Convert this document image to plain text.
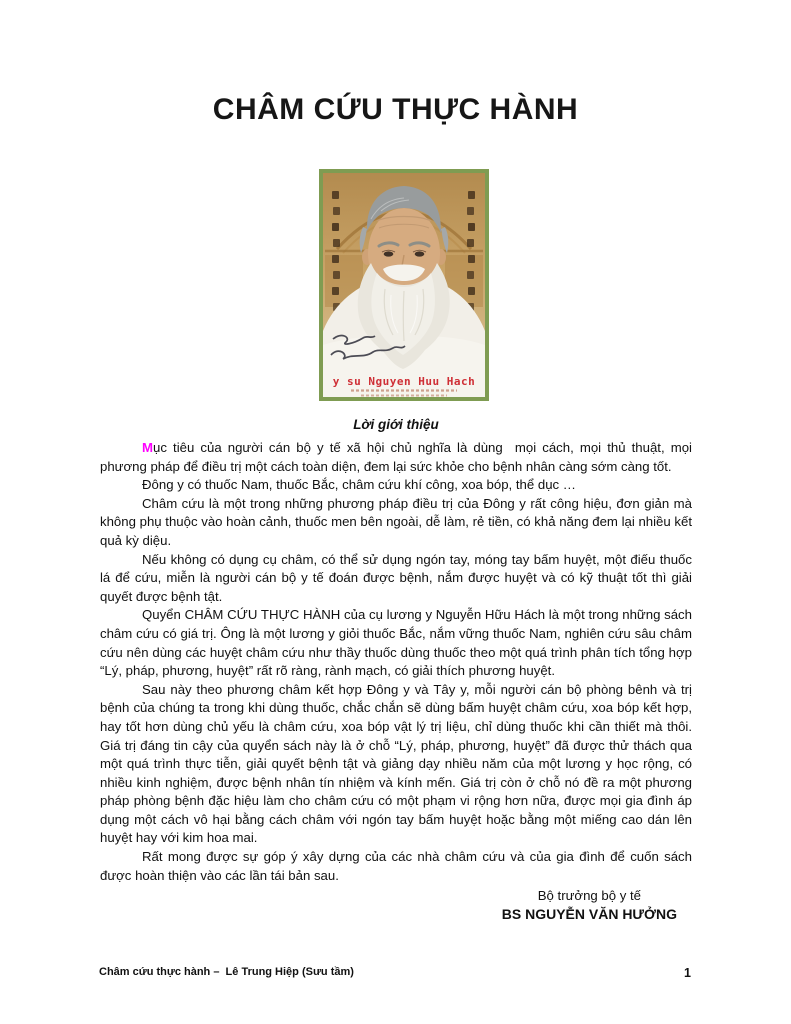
CHÂM CỨU THỰC HÀNH
y su Nguyen Huu Hach
Lời giới thiệu

Mục tiêu của người cán bộ y tế xã hội chủ nghĩa là dùng  mọi cách, mọi thủ thuật, mọi phương pháp để điều trị một cách toàn diện, đem lại sức khỏe cho bệnh nhân càng sớm càng tốt.

Đông y có thuốc Nam, thuốc Bắc, châm cứu khí công, xoa bóp, thể dục …

Châm cứu là một trong những phương pháp điều trị của Đông y rất công hiệu, đơn giản mà không phụ thuộc vào hoàn cảnh, thuốc men bên ngoài, dễ làm, rẻ tiền, có khả năng đem lại nhiều kết quả kỳ diệu.

Nếu không có dụng cụ châm, có thể sử dụng ngón tay, móng tay bấm huyệt, một điếu thuốc lá để cứu, miễn là người cán bộ y tế đoán được bệnh, nắm được huyệt và có kỹ thuật tốt thì giải quyết được bệnh tật.

Quyển CHÂM CỨU THỰC HÀNH của cụ lương y Nguyễn Hữu Hách là một trong những sách châm cứu có giá trị. Ông là một lương y giỏi thuốc Bắc, nắm vững thuốc Nam, nghiên cứu sâu châm cứu nên dùng các huyệt châm cứu như thầy thuốc dùng thuốc theo một quá trình phân tích tổng hợp “Lý, pháp, phương, huyệt” rất rõ ràng, rành mạch, có giải thích phương huyệt.

Sau này theo phương châm kết hợp Đông y và Tây y, mỗi người cán bộ phòng bênh và trị bệnh của chúng ta trong khi dùng thuốc, chắc chắn sẽ dùng bấm huyệt châm cứu, xoa bóp kết hợp, hay tốt hơn dùng chủ yếu là châm cứu, xoa bóp vật lý trị liệu, chỉ dùng thuốc khi cần thiết mà thôi. Giá trị đáng tin cậy của quyển sách này là ở chỗ “Lý, pháp, phương, huyệt” đã được thử thách qua một quá trình thực tiễn, giải quyết bệnh tật và giảng dạy nhiều năm của một lương y học rộng, có nhiều kinh nghiệm, được bệnh nhân tín nhiệm và kính mến. Giá trị còn ở chỗ nó đề ra một phương pháp phòng bệnh đặc hiệu làm cho châm cứu có một phạm vi rộng hơn nữa, được mọi gia đình áp dụng một cách vô hại bằng cách châm với ngón tay bấm huyệt hoặc bằng một miếng cao dán lên huyệt hay với kim hoa mai.

Rất mong được sự góp ý xây dựng của các nhà châm cứu và của gia đình để cuốn sách được hoàn thiện vào các lần tái bản sau.

Bộ trưởng bộ y tế
BS NGUYỄN VĂN HƯỞNG
Châm cứu thực hành –  Lê Trung Hiệp (Sưu tầm)	1
